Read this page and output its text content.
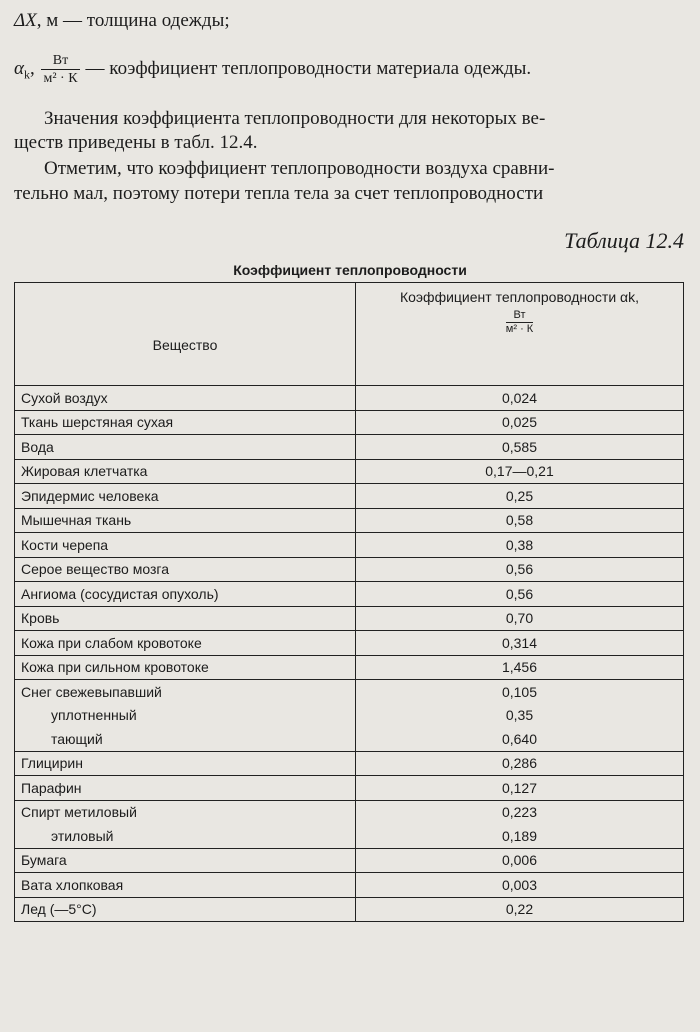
ΔX, м — толщина одежды;
$\alpha_k$, $\frac{Вт}{\text{м² · К}}$ — коэффициент теплопроводности материала одежды.
Значения коэффициента теплопроводности для некоторых ве-
ществ приведены в табл. 12.4.
Отметим, что коэффициент теплопроводности воздуха сравни-
тельно мал, поэтому потери тепла тела за счет теплопроводности
Таблица 12.4
Коэффициент теплопроводности
Вещество	Коэффициент теплопроводности αk,
$\frac{Вт}{\text{м² · К}}$

Сухой воздух	0,024
Ткань шерстяная сухая	0,025
Вода	0,585
Жировая клетчатка	0,17—0,21
Эпидермис человека	0,25
Мышечная ткань	0,58
Кости черепа	0,38
Серое вещество мозга	0,56
Ангиома (сосудистая опухоль)	0,56
Кровь	0,70
Кожа при слабом кровотоке	0,314
Кожа при сильном кровотоке	1,456
Снег свежевыпавший	0,105
уплотненный	0,35
тающий	0,640
Глицирин	0,286
Парафин	0,127
Спирт метиловый	0,223
этиловый	0,189
Бумага	0,006
Вата хлопковая	0,003
Лед (—5°С)	0,22
